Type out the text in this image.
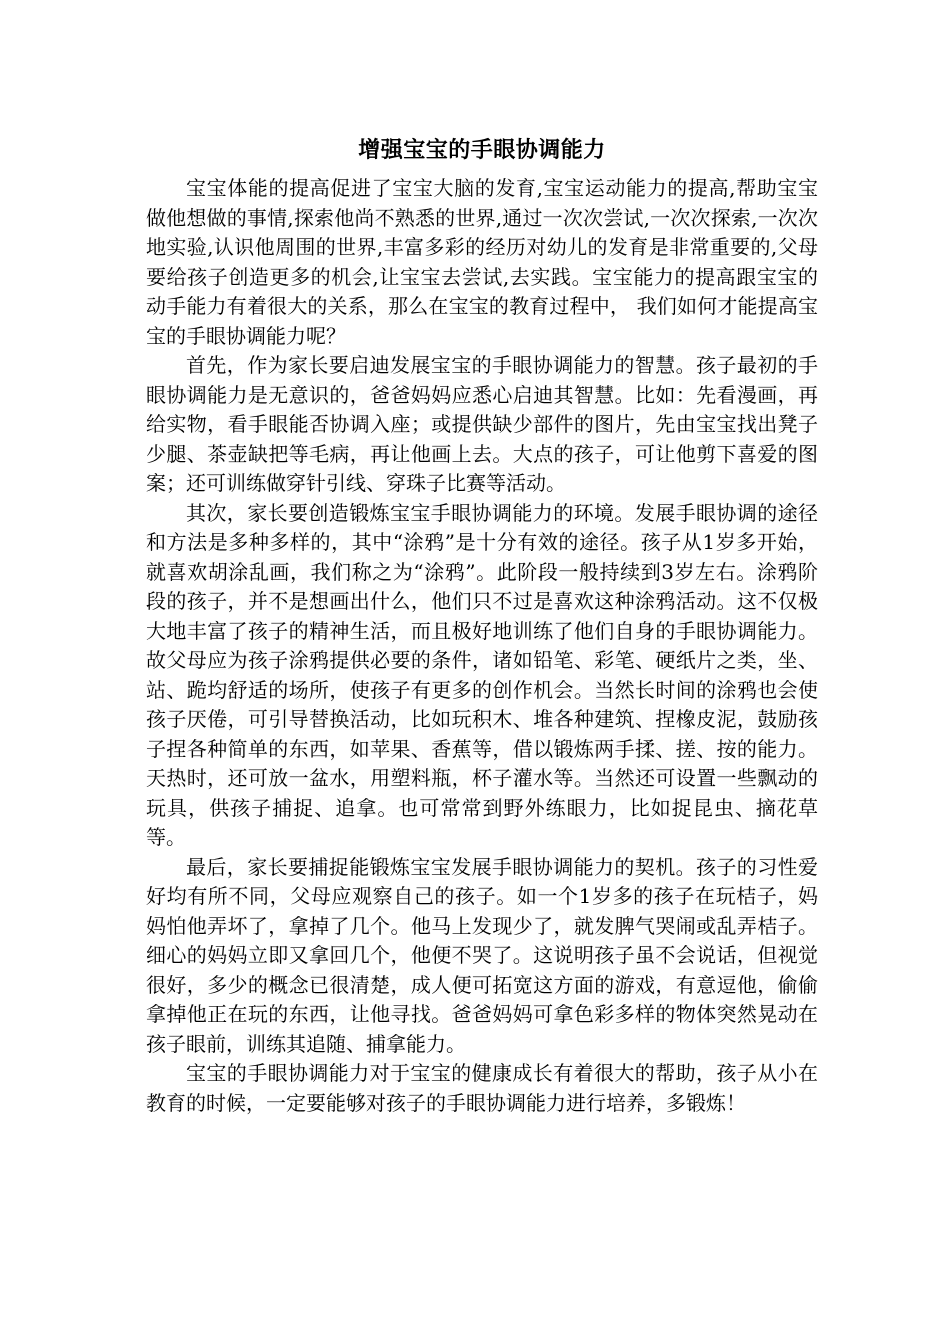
增强宝宝的手眼协调能力

宝宝体能的提高促进了宝宝大脑的发育,宝宝运动能力的提高,帮助宝宝做他想做的事情,探索他尚不熟悉的世界,通过一次次尝试,一次次探索,一次次地实验,认识他周围的世界,丰富多彩的经历对幼儿的发育是非常重要的,父母要给孩子创造更多的机会,让宝宝去尝试,去实践。宝宝能力的提高跟宝宝的动手能力有着很大的关系，那么在宝宝的教育过程中， 我们如何才能提高宝宝的手眼协调能力呢？

首先，作为家长要启迪发展宝宝的手眼协调能力的智慧。孩子最初的手眼协调能力是无意识的，爸爸妈妈应悉心启迪其智慧。比如：先看漫画，再给实物，看手眼能否协调入座；或提供缺少部件的图片，先由宝宝找出凳子少腿、茶壶缺把等毛病，再让他画上去。大点的孩子，可让他剪下喜爱的图案；还可训练做穿针引线、穿珠子比赛等活动。

其次，家长要创造锻炼宝宝手眼协调能力的环境。发展手眼协调的途径和方法是多种多样的，其中“涂鸦”是十分有效的途径。孩子从1岁多开始，就喜欢胡涂乱画，我们称之为“涂鸦”。此阶段一般持续到3岁左右。涂鸦阶段的孩子，并不是想画出什么，他们只不过是喜欢这种涂鸦活动。这不仅极大地丰富了孩子的精神生活，而且极好地训练了他们自身的手眼协调能力。故父母应为孩子涂鸦提供必要的条件，诸如铅笔、彩笔、硬纸片之类，坐、站、跪均舒适的场所，使孩子有更多的创作机会。当然长时间的涂鸦也会使孩子厌倦，可引导替换活动，比如玩积木、堆各种建筑、捏橡皮泥，鼓励孩子捏各种简单的东西，如苹果、香蕉等，借以锻炼两手揉、搓、按的能力。天热时，还可放一盆水，用塑料瓶，杯子灌水等。当然还可设置一些飘动的玩具，供孩子捕捉、追拿。也可常常到野外练眼力，比如捉昆虫、摘花草等。

最后，家长要捕捉能锻炼宝宝发展手眼协调能力的契机。孩子的习性爱好均有所不同，父母应观察自己的孩子。如一个1岁多的孩子在玩桔子，妈妈怕他弄坏了，拿掉了几个。他马上发现少了，就发脾气哭闹或乱弄桔子。细心的妈妈立即又拿回几个，他便不哭了。这说明孩子虽不会说话，但视觉很好，多少的概念已很清楚，成人便可拓宽这方面的游戏，有意逗他，偷偷拿掉他正在玩的东西，让他寻找。爸爸妈妈可拿色彩多样的物体突然晃动在孩子眼前，训练其追随、捕拿能力。

宝宝的手眼协调能力对于宝宝的健康成长有着很大的帮助，孩子从小在教育的时候，一定要能够对孩子的手眼协调能力进行培养，多锻炼！
